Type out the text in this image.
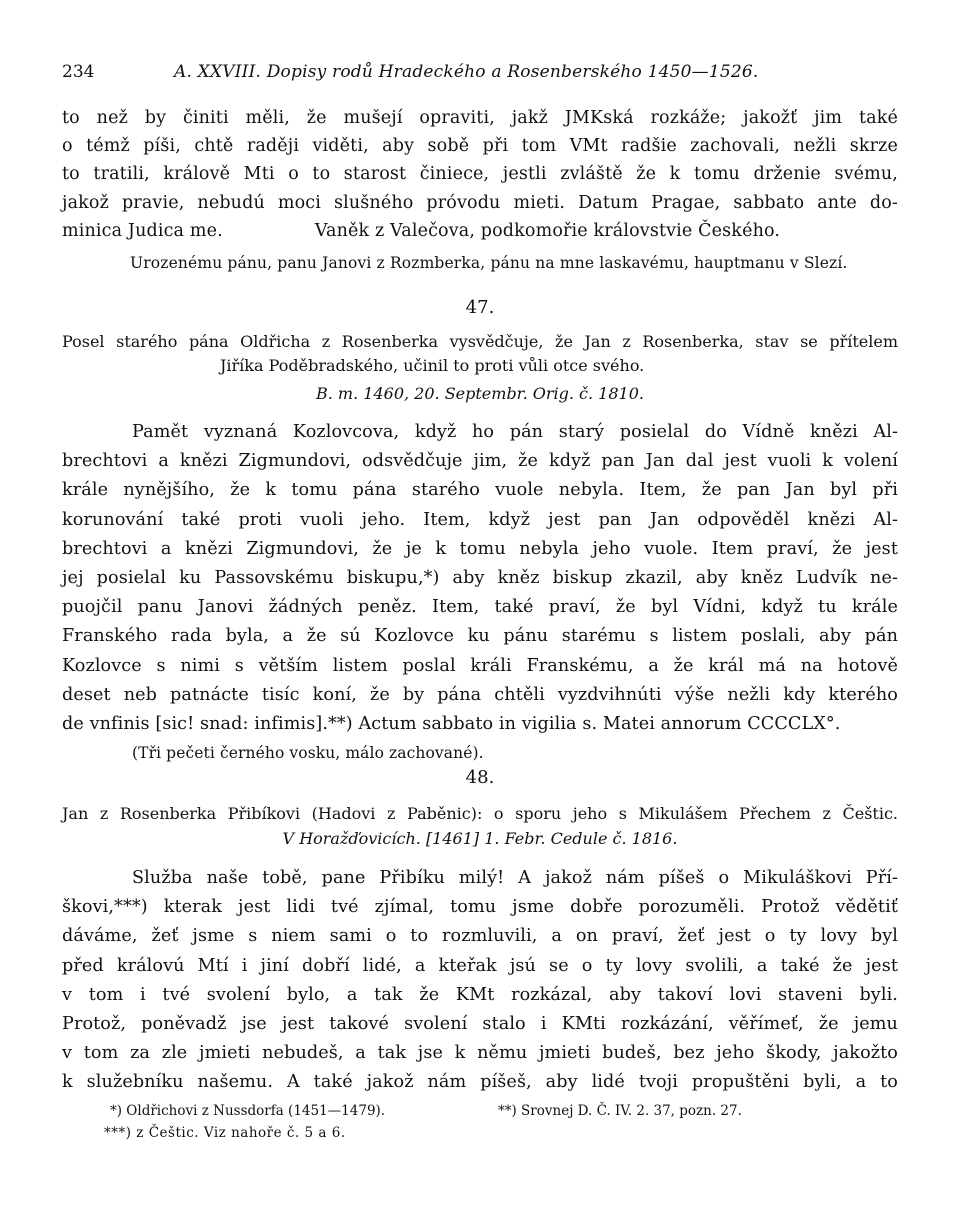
234	A. XXVIII. Dopisy rodů Hradeckého a Rosenberského 1450—1526.

to než by činiti měli, že mušejí opraviti, jakž JMKská rozkáže; jakožť jim také

o témž píši, chtě raději viděti, aby sobě při tom VMt radšie zachovali, nežli skrze

to tratili, králově Mti o to starost činiece, jestli zvláště že k tomu drženie svému,

jakož pravie, nebudú moci slušného próvodu mieti. Datum Pragae, sabbato ante do-

minica Judica me.	Vaněk z Valečova, podkomořie královstvie Českého.

Urozenému pánu, panu Janovi z Rozmberka, pánu na mne laskavému, hauptmanu v Slezí.

47.

Posel starého pána Oldřicha z Rosenberka vysvědčuje, že Jan z Rosenberka, stav se přítelem

Jiříka Poděbradského, učinil to proti vůli otce svého.

B. m. 1460, 20. Septembr. Orig. č. 1810.

Pamět vyznaná Kozlovcova, když ho pán starý posielal do Vídně knězi Al-

brechtovi a knězi Zigmundovi, odsvědčuje jim, že když pan Jan dal jest vuoli k volení

krále nynějšího, že k tomu pána starého vuole nebyla. Item, že pan Jan byl při

korunování také proti vuoli jeho. Item, když jest pan Jan odpověděl knězi Al-

brechtovi a knězi Zigmundovi, že je k tomu nebyla jeho vuole. Item praví, že jest

jej posielal ku Passovskému biskupu,*) aby kněz biskup zkazil, aby kněz Ludvík ne-

puojčil panu Janovi žádných peněz. Item, také praví, že byl Vídni, když tu krále

Franského rada byla, a že sú Kozlovce ku pánu starému s listem poslali, aby pán

Kozlovce s nimi s větším listem poslal králi Franskému, a že král má na hotově

deset neb patnácte tisíc koní, že by pána chtěli vyzdvihnúti výše nežli kdy kterého

de vnfinis [sic! snad: infimis].**) Actum sabbato in vigilia s. Matei annorum CCCCLX°.

(Tři pečeti černého vosku, málo zachované).

48.

Jan z Rosenberka Přibíkovi (Hadovi z Paběnic): o sporu jeho s Mikulášem Přechem z Češtic.

V Horažďovicích. [1461] 1. Febr. Cedule č. 1816.

Služba naše tobě, pane Přibíku milý! A jakož nám píšeš o Mikuláškovi Pří-

škovi,***) kterak jest lidi tvé zjímal, tomu jsme dobře porozuměli. Protož vědětiť

dáváme, žeť jsme s niem sami o to rozmluvili, a on praví, žeť jest o ty lovy byl

před královú Mtí i jiní dobří lidé, a kteřak jsú se o ty lovy svolili, a také že jest

v tom i tvé svolení bylo, a tak že KMt rozkázal, aby takoví lovi staveni byli.

Protož, poněvadž jse jest takové svolení stalo i KMti rozkázání, věřímeť, že jemu

v tom za zle jmieti nebudeš, a tak jse k němu jmieti budeš, bez jeho škody, jakožto

k služebníku našemu. A také jakož nám píšeš, aby lidé tvoji propuštěni byli, a to

*) Oldřichovi z Nussdorfa (1451—1479).	**) Srovnej D. Č. IV. 2. 37, pozn. 27.
***) z Češtic. Viz nahoře č. 5 a 6.
